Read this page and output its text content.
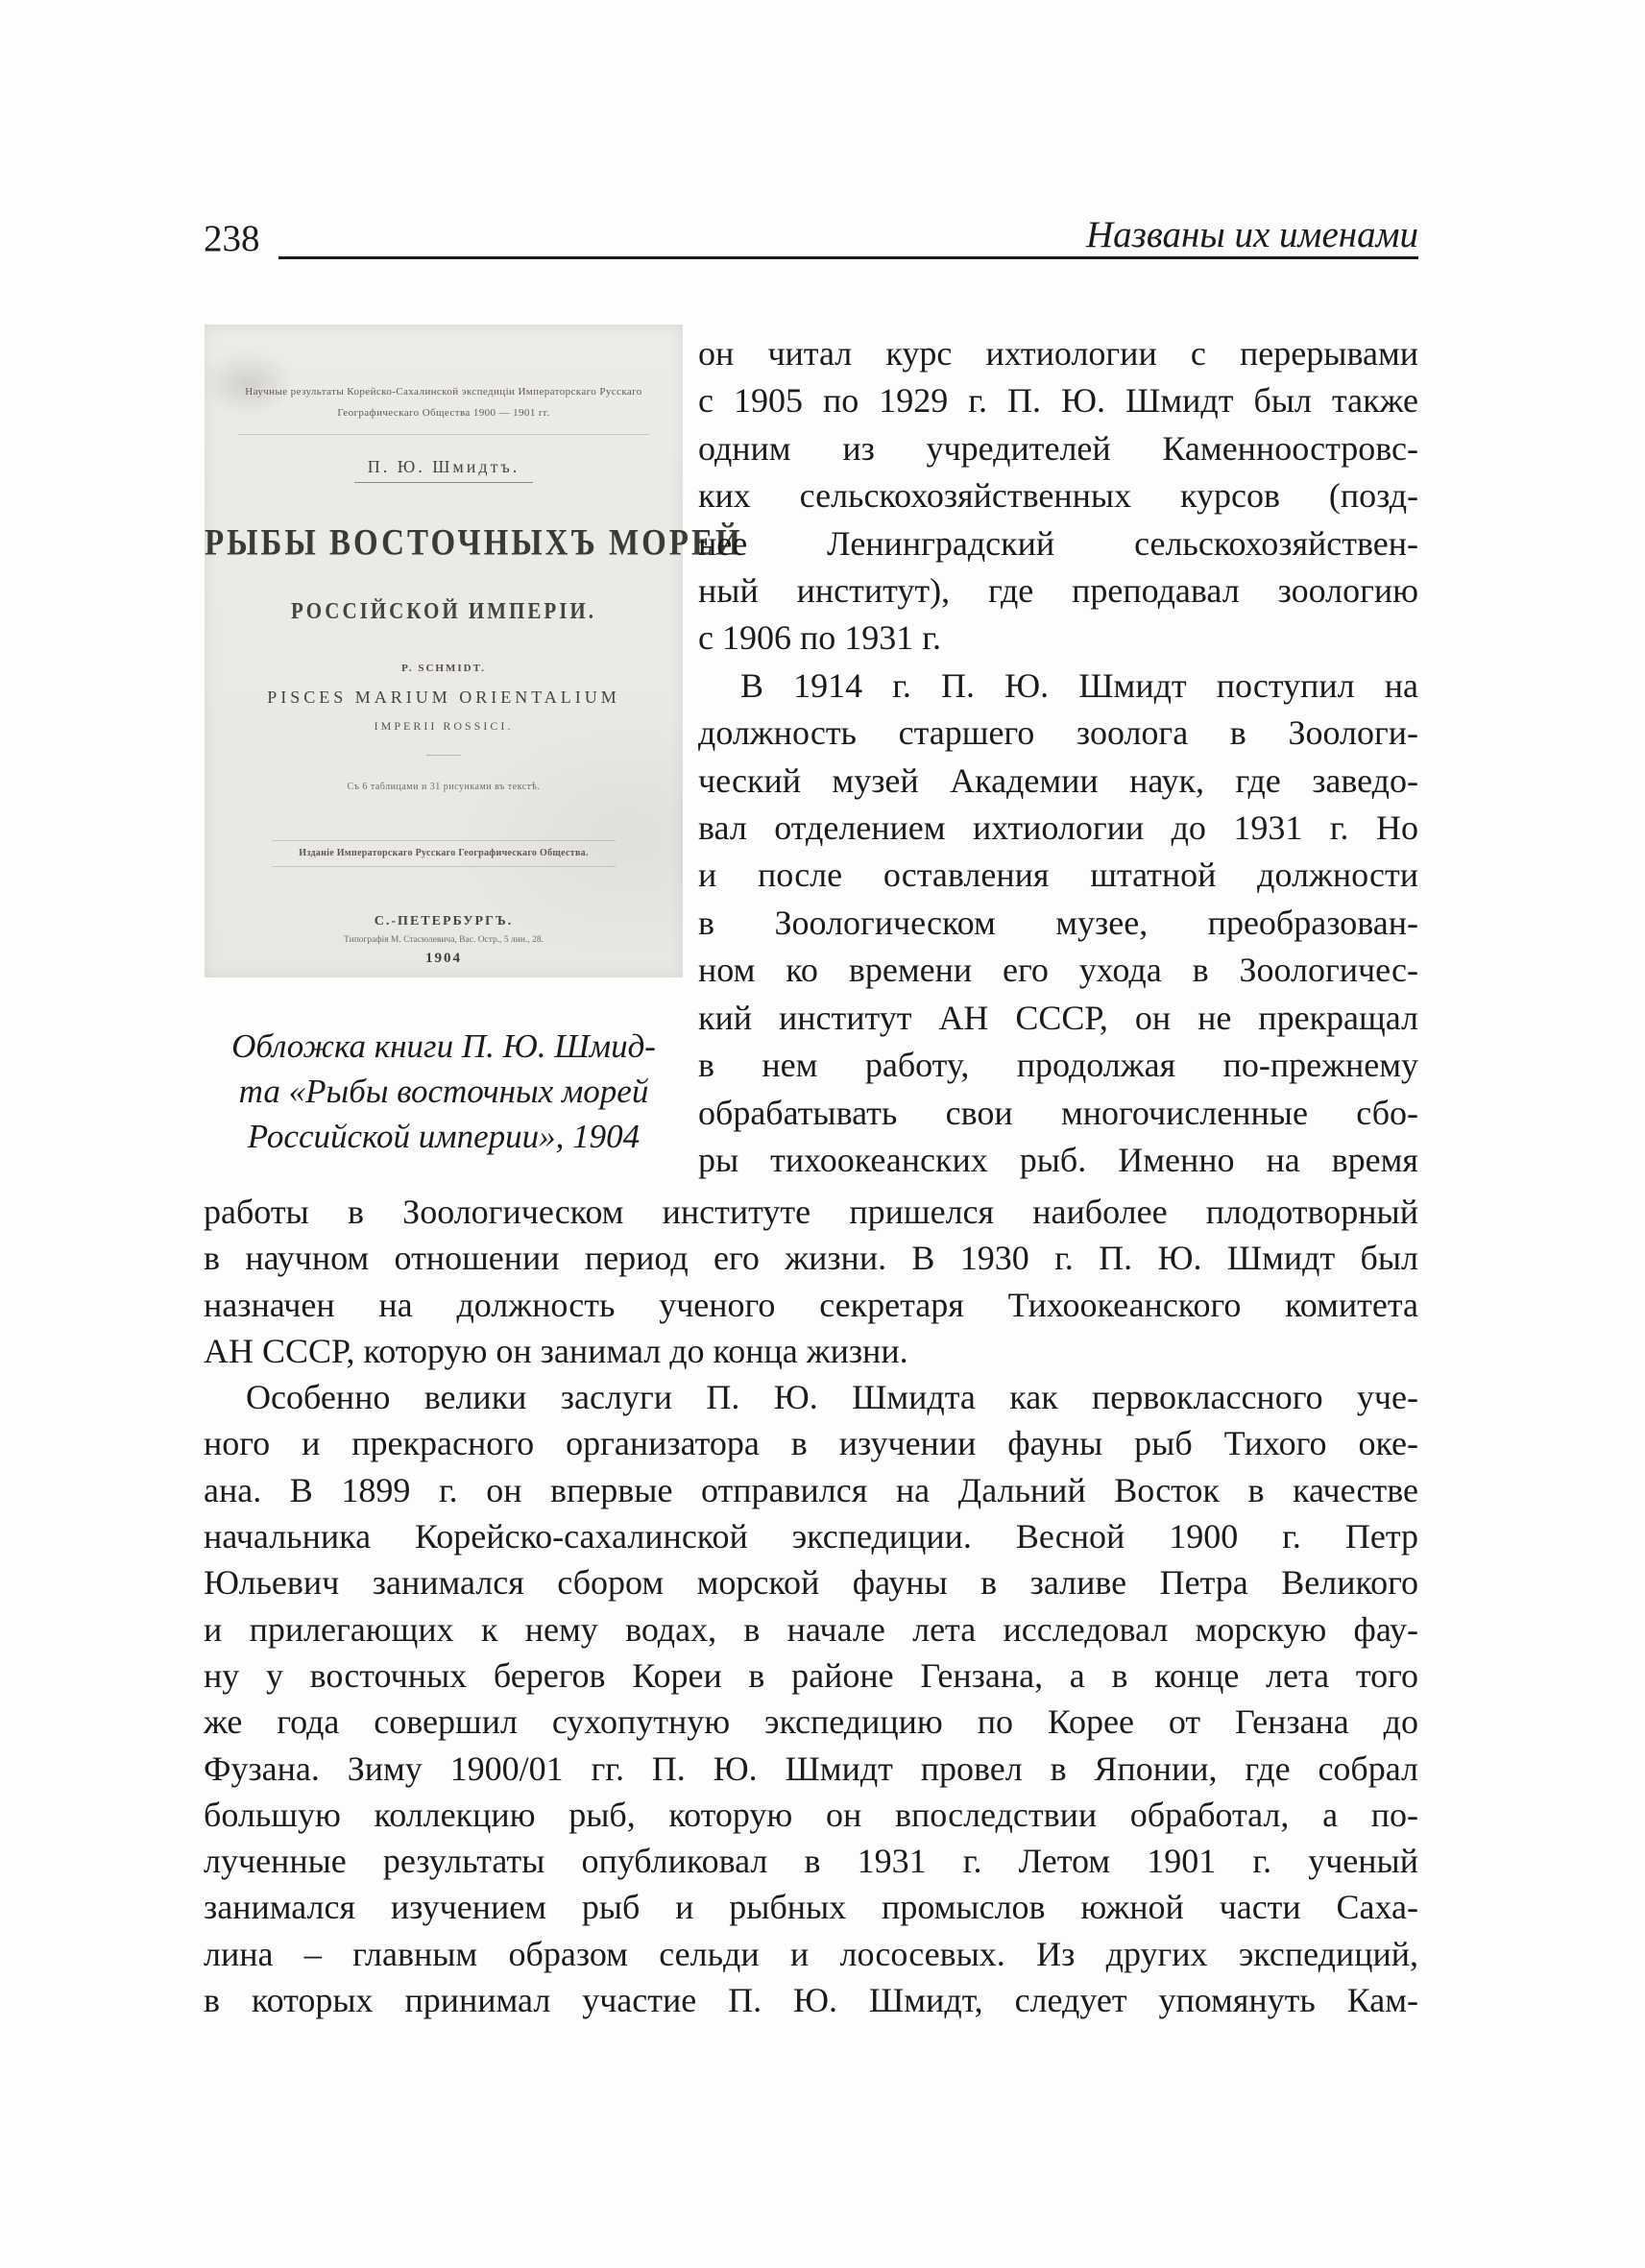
238	Названы их именами
Научные результаты Корейско-Сахалинской экспедиціи Императорскаго Русскаго
Географическаго Общества 1900 — 1901 гг.
П. Ю. Шмидтъ.
РЫБЫ ВОСТОЧНЫХЪ МОРЕЙ
РОССІЙСКОЙ ИМПЕРІИ.
P. SCHMIDT.
PISCES MARIUM ORIENTALIUM
IMPERII ROSSICI.
Съ 6 таблицами и 31 рисунками въ текстѣ.
Изданіе Императорскаго Русскаго Географическаго Общества.
С.-ПЕТЕРБУРГЪ.
Типографія М. Стасюлевича, Вас. Остр., 5 лин., 28.
1904
Обложка книги П. Ю. Шмид-
та «Рыбы восточных морей
Российской империи», 1904
он читал курс ихтиологии с перерывами
с 1905 по 1929 г. П. Ю. Шмидт был также
одним из учредителей Каменноостровс-
ких сельскохозяйственных курсов (позд-
нее Ленинградский сельскохозяйствен-
ный институт), где преподавал зоологию
с 1906 по 1931 г.
В 1914 г. П. Ю. Шмидт поступил на
должность старшего зоолога в Зоологи-
ческий музей Академии наук, где заведо-
вал отделением ихтиологии до 1931 г. Но
и после оставления штатной должности
в Зоологическом музее, преобразован-
ном ко времени его ухода в Зоологичес-
кий институт АН СССР, он не прекращал
в нем работу, продолжая по-прежнему
обрабатывать свои многочисленные сбо-
ры тихоокеанских рыб. Именно на время
работы в Зоологическом институте пришелся наиболее плодотворный
в научном отношении период его жизни. В 1930 г. П. Ю. Шмидт был
назначен на должность ученого секретаря Тихоокеанского комитета
АН СССР, которую он занимал до конца жизни.
Особенно велики заслуги П. Ю. Шмидта как первоклассного уче-
ного и прекрасного организатора в изучении фауны рыб Тихого оке-
ана. В 1899 г. он впервые отправился на Дальний Восток в качестве
начальника Корейско-сахалинской экспедиции. Весной 1900 г. Петр
Юльевич занимался сбором морской фауны в заливе Петра Великого
и прилегающих к нему водах, в начале лета исследовал морскую фау-
ну у восточных берегов Кореи в районе Гензана, а в конце лета того
же года совершил сухопутную экспедицию по Корее от Гензана до
Фузана. Зиму 1900/01 гг. П. Ю. Шмидт провел в Японии, где собрал
большую коллекцию рыб, которую он впоследствии обработал, а по-
лученные результаты опубликовал в 1931 г. Летом 1901 г. ученый
занимался изучением рыб и рыбных промыслов южной части Саха-
лина – главным образом сельди и лососевых. Из других экспедиций,
в которых принимал участие П. Ю. Шмидт, следует упомянуть Кам-
